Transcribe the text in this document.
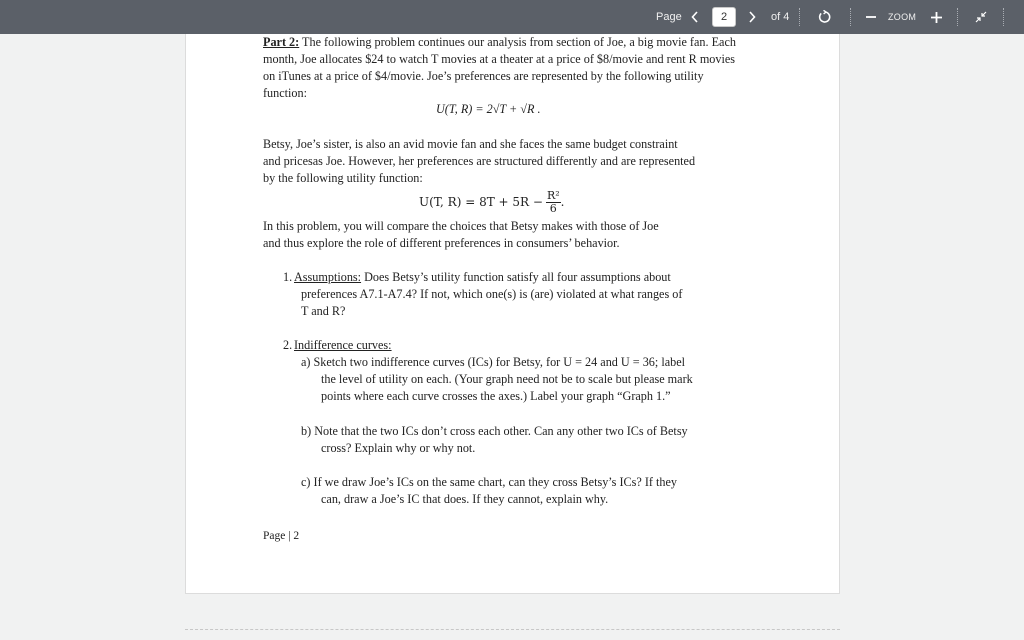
Page
2	of 4	ZOOM
Part 2: The following problem continues our analysis from section of Joe, a big movie fan. Each
month, Joe allocates $24 to watch T movies at a theater at a price of $8/movie and rent R movies
on iTunes at a price of $4/movie. Joe’s preferences are represented by the following utility
function:
U(T, R) = 2√T + √R .
Betsy, Joe’s sister, is also an avid movie fan and she faces the same budget constraint
and pricesas Joe. However, her preferences are structured differently and are represented
by the following utility function:
U(T, $R) = 8T + 5R - \frac{\text{R²}}{6}$ .
In this problem, you will compare the choices that Betsy makes with those of Joe
and thus explore the role of different preferences in consumers’ behavior.
1. Assumptions: Does Betsy’s utility function satisfy all four assumptions about
preferences A7.1-A7.4? If not, which one(s) is (are) violated at what ranges of
T and R?
2. Indifference curves:
a) Sketch two indifference curves (ICs) for Betsy, for U = 24 and U = 36; label
the level of utility on each. (Your graph need not be to scale but please mark
points where each curve crosses the axes.) Label your graph “Graph 1.”
b) Note that the two ICs don’t cross each other. Can any other two ICs of Betsy
cross? Explain why or why not.
c) If we draw Joe’s ICs on the same chart, can they cross Betsy’s ICs? If they
can, draw a Joe’s IC that does. If they cannot, explain why.
Page | 2
